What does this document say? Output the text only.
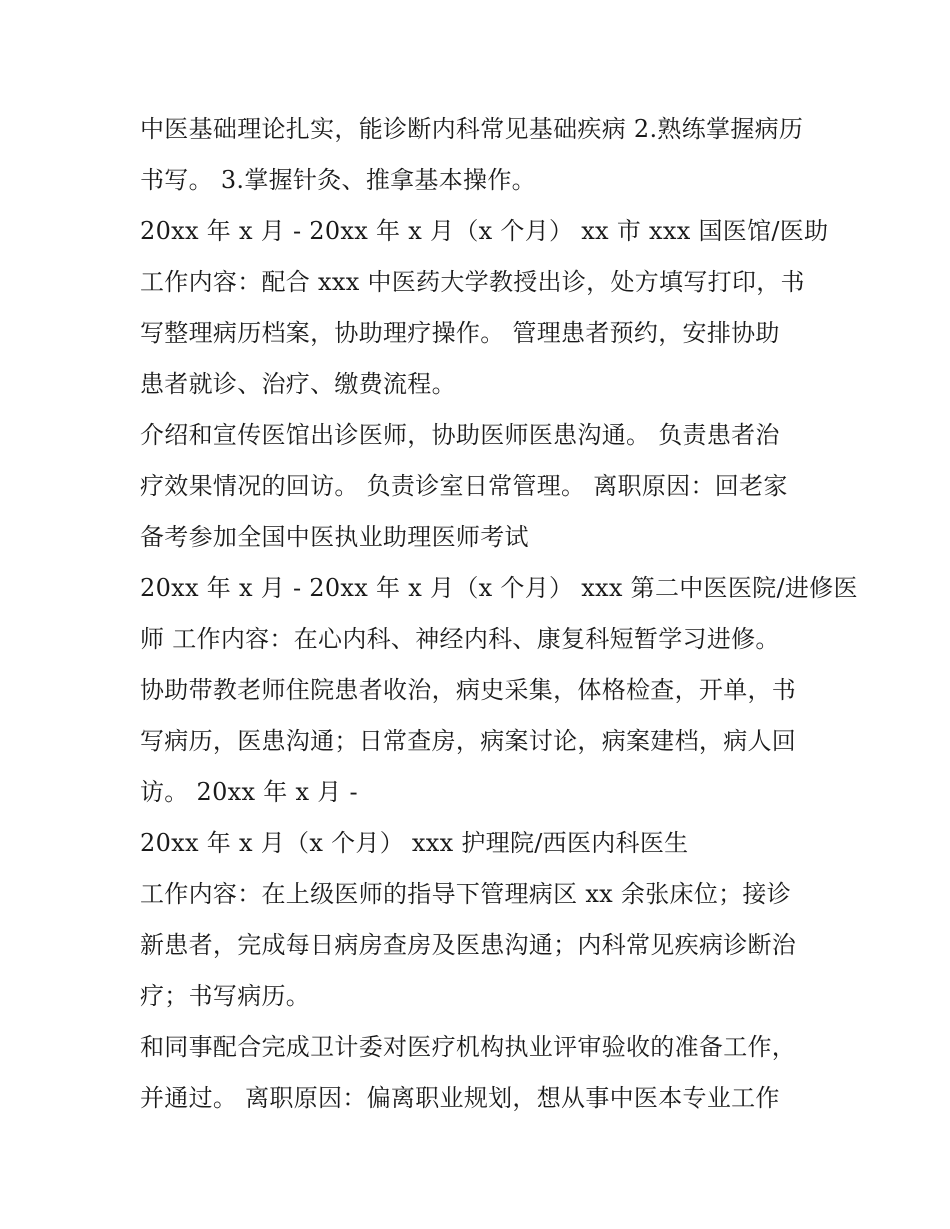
中医基础理论扎实，能诊断内科常见基础疾病 2.熟练掌握病历
书写。 3.掌握针灸、推拿基本操作。
20xx 年 x 月 - 20xx 年 x 月（x 个月） xx 市 xxx 国医馆/医助
工作内容：配合 xxx 中医药大学教授出诊，处方填写打印，书
写整理病历档案，协助理疗操作。 管理患者预约，安排协助
患者就诊、治疗、缴费流程。
介绍和宣传医馆出诊医师，协助医师医患沟通。 负责患者治
疗效果情况的回访。 负责诊室日常管理。 离职原因：回老家
备考参加全国中医执业助理医师考试
20xx 年 x 月 - 20xx 年 x 月（x 个月） xxx 第二中医医院/进修医
师 工作内容：在心内科、神经内科、康复科短暂学习进修。
协助带教老师住院患者收治，病史采集，体格检查，开单，书
写病历，医患沟通；日常查房，病案讨论，病案建档，病人回
访。 20xx 年 x 月 -
20xx 年 x 月（x 个月） xxx 护理院/西医内科医生
工作内容：在上级医师的指导下管理病区 xx 余张床位；接诊
新患者，完成每日病房查房及医患沟通；内科常见疾病诊断治
疗；书写病历。
和同事配合完成卫计委对医疗机构执业评审验收的准备工作，
并通过。 离职原因：偏离职业规划，想从事中医本专业工作
